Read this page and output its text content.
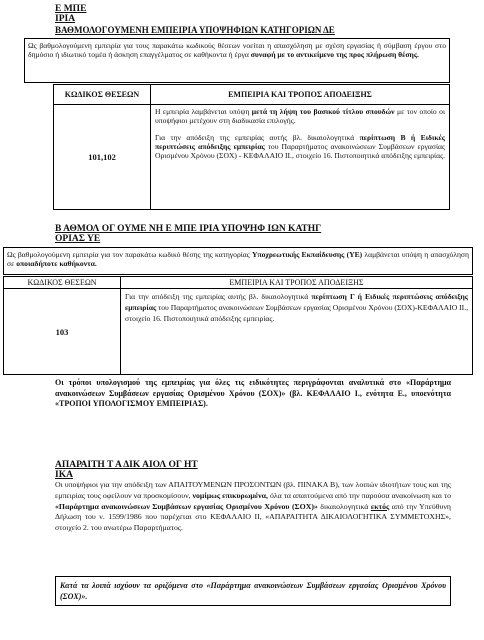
Ε ΜΠΕ
ΙΡΙΑ
ΒΑΘΜΟΛΟΓΟΥΜΕΝΗ ΕΜΠΕΙΡΙΑ ΥΠΟΨΗΦΙΩΝ ΚΑΤΗΓΟΡΙΩΝ ΔΕ
Ως βαθμολογούμενη εμπειρία για τους παρακάτω κωδικούς θέσεων νοείται η απασχόληση με σχέση εργασίας ή σύμβαση έργου στο δημόσιο ή ιδιωτικό τομέα ή άσκηση επαγγέλματος σε καθήκοντα ή έργα συναφή με το αντικείμενο της προς πλήρωση θέσης.
ΚΩΔΙΚΟΣ ΘΕΣΕΩΝ	ΕΜΠΕΙΡΙΑ ΚΑΙ ΤΡΟΠΟΣ ΑΠΟΔΕΙΞΗΣ
101,102	Η εμπειρία λαμβάνεται υπόψη μετά τη λήψη του βασικού τίτλου σπουδών με τον οποίο οι υποψήφιοι μετέχουν στη διαδικασία επιλογής.

Για την απόδειξη της εμπειρίας αυτής βλ. δικαιολογητικά περίπτωση Β ή Ειδικές περιπτώσεις απόδειξης εμπειρίας του Παραρτήματος ανακοινώσεων Συμβάσεων εργασίας Ορισμένου Χρόνου (ΣΟΧ) - ΚΕΦΑΛΑΙΟ ΙΙ., στοιχείο 16. Πιστοποιητικά απόδειξης εμπειρίας.

Β ΑΘΜΟΛ ΟΓ ΟΥΜΕ ΝΗ Ε ΜΠΕ ΙΡΙΑ ΥΠΟΨΗΦ ΙΩΝ ΚΑΤΗΓ
ΟΡΙΑΣ ΥΕ
Ως βαθμολογούμενη εμπειρία για τον παρακάτω κωδικό θέσης της κατηγορίας Υποχρεωτικής Εκπαίδευσης (ΥΕ) λαμβάνεται υπόψη η απασχόληση σε οποιαδήποτε καθήκοντα.
ΚΩΔΙΚΟΣ ΘΕΣΕΩΝ	ΕΜΠΕΙΡΙΑ ΚΑΙ ΤΡΟΠΟΣ ΑΠΟΔΕΙΞΗΣ
103	Για την απόδειξη της εμπειρίας αυτής βλ. δικαιολογητικά περίπτωση Γ ή Ειδικές περιπτώσεις απόδειξης εμπειρίας του Παραρτήματος ανακοινώσεων Συμβάσεων εργασίας Ορισμένου Χρόνου (ΣΟΧ)-ΚΕΦΑΛΑΙΟ ΙΙ., στοιχείο 16. Πιστοποιητικά απόδειξης εμπειρίας.

Οι τρόποι υπολογισμού της εμπειρίας για όλες τις ειδικότητες περιγράφονται αναλυτικά στο «Παράρτημα ανακοινώσεων Συμβάσεων εργασίας Ορισμένου Χρόνου (ΣΟΧ)» (βλ. ΚΕΦΑΛΑΙΟ Ι., ενότητα Ε., υποενότητα «ΤΡΟΠΟΙ ΥΠΟΛΟΓΙΣΜΟΥ ΕΜΠΕΙΡΙΑΣ).
ΑΠΑΡΑΙΤΗ Τ Α ΔΙΚ ΑΙΟΛ ΟΓ ΗΤ
ΙΚΑ
Οι υποψήφιοι για την απόδειξη των ΑΠΑΙΤΟΥΜΕΝΩΝ ΠΡΟΣΟΝΤΩΝ (βλ. ΠΙΝΑΚΑ Β), των λοιπών ιδιοτήτων τους και της εμπειρίας τους οφείλουν να προσκομίσουν, νομίμως επικυρωμένα, όλα τα απαιτούμενα από την παρούσα ανακοίνωση και το «Παράρτημα ανακοινώσεων Συμβάσεων εργασίας Ορισμένου Χρόνου (ΣΟΧ)» δικαιολογητικά εκτός από την Υπεύθυνη Δήλωση του ν. 1599/1986 που παρέχεται στο ΚΕΦΑΛΑΙΟ ΙΙ, «ΑΠΑΡΑΙΤΗΤΑ ΔΙΚΑΙΟΛΟΓΗΤΙΚΑ ΣΥΜΜΕΤΟΧΗΣ», στοιχείο 2. του ανωτέρω Παραρτήματος.
Κατά τα λοιπά ισχύουν τα οριζόμενα στο «Παράρτημα ανακοινώσεων Συμβάσεων εργασίας Ορισμένου Χρόνου (ΣΟΧ)».
